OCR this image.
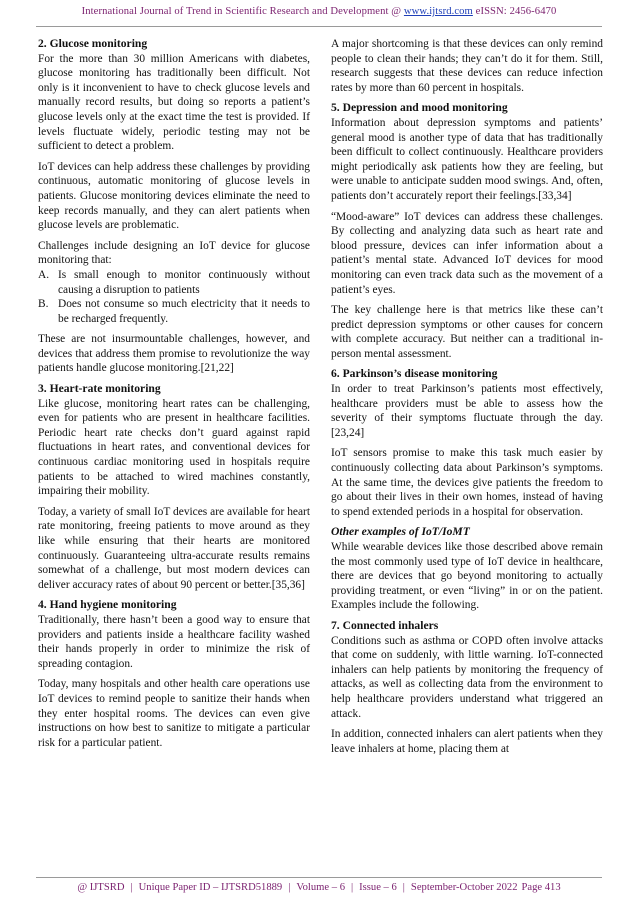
International Journal of Trend in Scientific Research and Development @ www.ijtsrd.com eISSN: 2456-6470
2. Glucose monitoring

For the more than 30 million Americans with diabetes, glucose monitoring has traditionally been difficult. Not only is it inconvenient to have to check glucose levels and manually record results, but doing so reports a patient’s glucose levels only at the exact time the test is provided. If levels fluctuate widely, periodic testing may not be sufficient to detect a problem.

IoT devices can help address these challenges by providing continuous, automatic monitoring of glucose levels in patients. Glucose monitoring devices eliminate the need to keep records manually, and they can alert patients when glucose levels are problematic.

Challenges include designing an IoT device for glucose monitoring that:

A. Is small enough to monitor continuously without causing a disruption to patients
B. Does not consume so much electricity that it needs to be recharged frequently.

These are not insurmountable challenges, however, and devices that address them promise to revolutionize the way patients handle glucose monitoring.[21,22]

3. Heart-rate monitoring

Like glucose, monitoring heart rates can be challenging, even for patients who are present in healthcare facilities. Periodic heart rate checks don’t guard against rapid fluctuations in heart rates, and conventional devices for continuous cardiac monitoring used in hospitals require patients to be attached to wired machines constantly, impairing their mobility.

Today, a variety of small IoT devices are available for heart rate monitoring, freeing patients to move around as they like while ensuring that their hearts are monitored continuously. Guaranteeing ultra-accurate results remains somewhat of a challenge, but most modern devices can deliver accuracy rates of about 90 percent or better.[35,36]

4. Hand hygiene monitoring

Traditionally, there hasn’t been a good way to ensure that providers and patients inside a healthcare facility washed their hands properly in order to minimize the risk of spreading contagion.

Today, many hospitals and other health care operations use IoT devices to remind people to sanitize their hands when they enter hospital rooms. The devices can even give instructions on how best to sanitize to mitigate a particular risk for a particular patient.

A major shortcoming is that these devices can only remind people to clean their hands; they can’t do it for them. Still, research suggests that these devices can reduce infection rates by more than 60 percent in hospitals.

5. Depression and mood monitoring

Information about depression symptoms and patients’ general mood is another type of data that has traditionally been difficult to collect continuously. Healthcare providers might periodically ask patients how they are feeling, but were unable to anticipate sudden mood swings. And, often, patients don’t accurately report their feelings.[33,34]

“Mood-aware” IoT devices can address these challenges. By collecting and analyzing data such as heart rate and blood pressure, devices can infer information about a patient’s mental state. Advanced IoT devices for mood monitoring can even track data such as the movement of a patient’s eyes.

The key challenge here is that metrics like these can’t predict depression symptoms or other causes for concern with complete accuracy. But neither can a traditional in-person mental assessment.

6. Parkinson’s disease monitoring

In order to treat Parkinson’s patients most effectively, healthcare providers must be able to assess how the severity of their symptoms fluctuate through the day.[23,24]

IoT sensors promise to make this task much easier by continuously collecting data about Parkinson’s symptoms. At the same time, the devices give patients the freedom to go about their lives in their own homes, instead of having to spend extended periods in a hospital for observation.

Other examples of IoT/IoMT

While wearable devices like those described above remain the most commonly used type of IoT device in healthcare, there are devices that go beyond monitoring to actually providing treatment, or even “living” in or on the patient. Examples include the following.

7. Connected inhalers

Conditions such as asthma or COPD often involve attacks that come on suddenly, with little warning. IoT-connected inhalers can help patients by monitoring the frequency of attacks, as well as collecting data from the environment to help healthcare providers understand what triggered an attack.

In addition, connected inhalers can alert patients when they leave inhalers at home, placing them at

@ IJTSRD | Unique Paper ID – IJTSRD51889 | Volume – 6 | Issue – 6 | September-October 2022 Page 413
